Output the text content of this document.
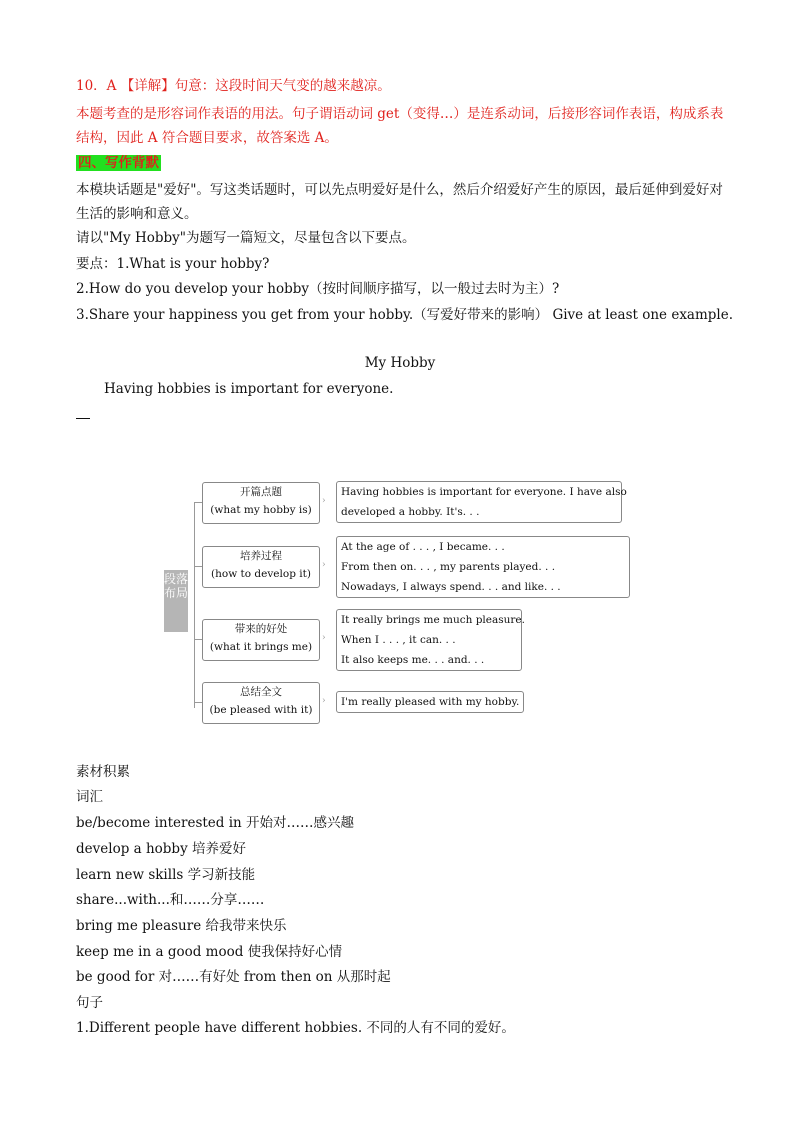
10．A 【详解】句意：这段时间天气变的越来越凉。
本题考查的是形容词作表语的用法。句子谓语动词 get（变得…）是连系动词，后接形容词作表语，构成系表结构，因此 A 符合题目要求，故答案选 A。
四、写作背默
本模块话题是"爱好"。写这类话题时，可以先点明爱好是什么，然后介绍爱好产生的原因，最后延伸到爱好对生活的影响和意义。
请以"My Hobby"为题写一篇短文，尽量包含以下要点。
要点：1.What is your hobby?
2.How do you develop your hobby（按时间顺序描写，以一般过去时为主）?
3.Share your happiness you get from your hobby.（写爱好带来的影响） Give at least one example.
My Hobby
Having hobbies is important for everyone.
段落布局
开篇点题
(what my hobby is)
›
Having hobbies is important for everyone. I have also
developed a hobby. It's. . .
培养过程
(how to develop it)
›
At the age of . . . , I became. . .
From then on. . . , my parents played. . .
Nowadays, I always spend. . . and like. . .
带来的好处
(what it brings me)
›
It really brings me much pleasure.
When I . . . , it can. . .
It also keeps me. . . and. . .
总结全文
(be pleased with it)
› I'm really pleased with my hobby.
素材积累
词汇
be/become interested in 开始对……感兴趣
develop a hobby 培养爱好
learn new skills 学习新技能
share...with...和……分享……
bring me pleasure 给我带来快乐
keep me in a good mood 使我保持好心情
be good for 对……有好处 from then on 从那时起
句子
1.Different people have different hobbies. 不同的人有不同的爱好。
